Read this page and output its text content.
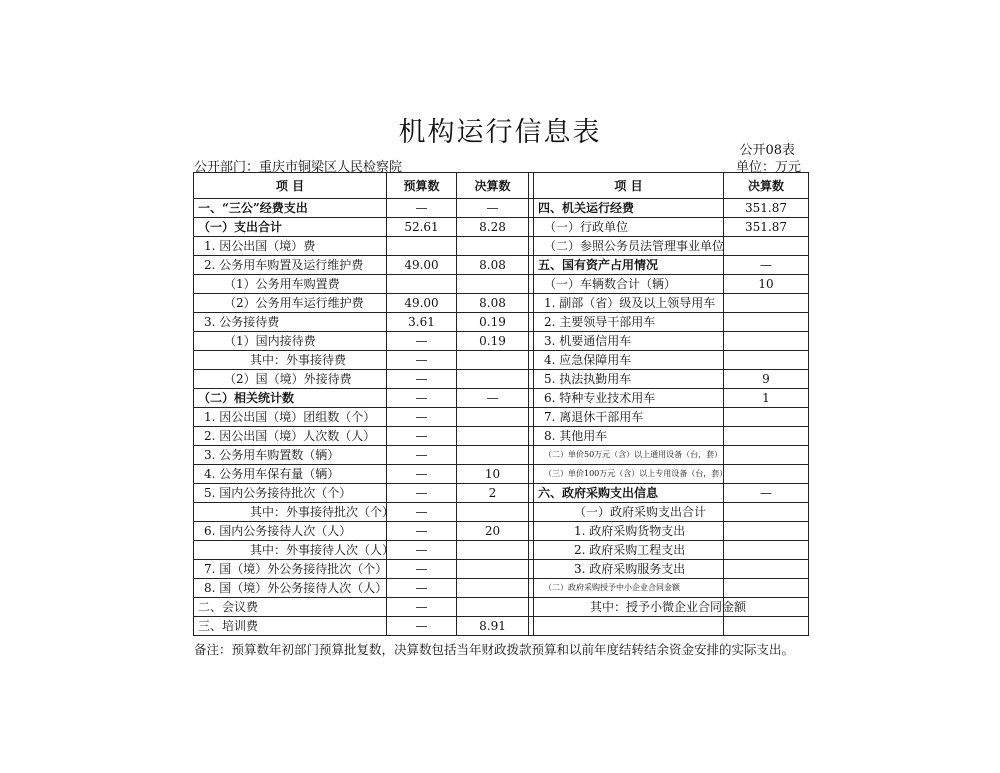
机构运行信息表
公开08表
公开部门：重庆市铜梁区人民检察院	单位：万元
项 目	预算数	决算数		项 目	决算数
一、“三公”经费支出	—	—		四、机关运行经费	351.87
（一）支出合计	52.61	8.28		（一）行政单位	351.87
1. 因公出国（境）费				（二）参照公务员法管理事业单位	
2. 公务用车购置及运行维护费	49.00	8.08		五、国有资产占用情况	—
（1）公务用车购置费				（一）车辆数合计（辆）	10
（2）公务用车运行维护费	49.00	8.08		1. 副部（省）级及以上领导用车	
3. 公务接待费	3.61	0.19		2. 主要领导干部用车	
（1）国内接待费	—	0.19		3. 机要通信用车	
其中：外事接待费	—			4. 应急保障用车	
（2）国（境）外接待费	—			5. 执法执勤用车	9
（二）相关统计数	—	—		6. 特种专业技术用车	1
1. 因公出国（境）团组数（个）	—			7. 离退休干部用车	
2. 因公出国（境）人次数（人）	—			8. 其他用车	
3. 公务用车购置数（辆）	—			（二）单价50万元（含）以上通用设备（台，套）	
4. 公务用车保有量（辆）	—	10		（三）单价100万元（含）以上专用设备（台，套）	
5. 国内公务接待批次（个）	—	2		六、政府采购支出信息	—
其中：外事接待批次（个）	—			（一）政府采购支出合计	
6. 国内公务接待人次（人）	—	20		1. 政府采购货物支出	
其中：外事接待人次（人）	—			2. 政府采购工程支出	
7. 国（境）外公务接待批次（个）	—			3. 政府采购服务支出	
8. 国（境）外公务接待人次（人）	—			（二）政府采购授予中小企业合同金额	
二、会议费	—			其中：授予小微企业合同金额	
三、培训费	—	8.91			
备注：预算数年初部门预算批复数，决算数包括当年财政拨款预算和以前年度结转结余资金安排的实际支出。
